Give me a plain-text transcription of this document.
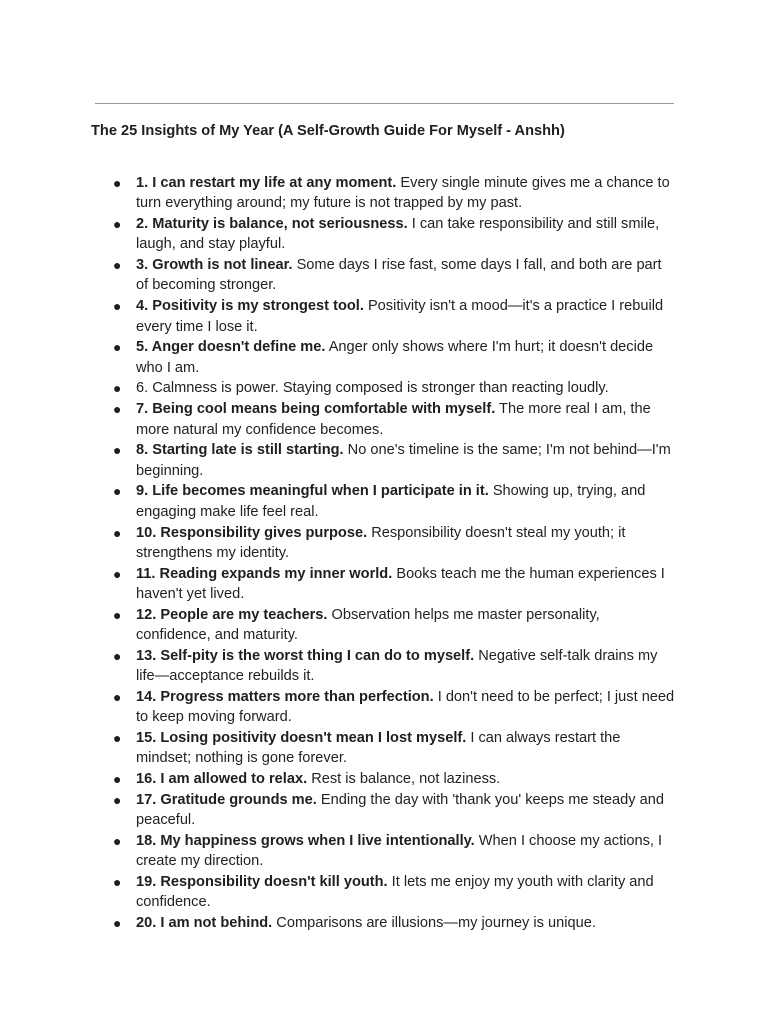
The 25 Insights of My Year (A Self-Growth Guide For Myself - Anshh)
● 1. I can restart my life at any moment. Every single minute gives me a chance to turn everything around; my future is not trapped by my past.
● 2. Maturity is balance, not seriousness. I can take responsibility and still smile, laugh, and stay playful.
● 3. Growth is not linear. Some days I rise fast, some days I fall, and both are part of becoming stronger.
● 4. Positivity is my strongest tool. Positivity isn't a mood—it's a practice I rebuild every time I lose it.
● 5. Anger doesn't define me. Anger only shows where I'm hurt; it doesn't decide who I am.
● 6. Calmness is power. Staying composed is stronger than reacting loudly.
● 7. Being cool means being comfortable with myself. The more real I am, the more natural my confidence becomes.
● 8. Starting late is still starting. No one's timeline is the same; I'm not behind—I'm beginning.
● 9. Life becomes meaningful when I participate in it. Showing up, trying, and engaging make life feel real.
● 10. Responsibility gives purpose. Responsibility doesn't steal my youth; it strengthens my identity.
● 11. Reading expands my inner world. Books teach me the human experiences I haven't yet lived.
● 12. People are my teachers. Observation helps me master personality, confidence, and maturity.
● 13. Self-pity is the worst thing I can do to myself. Negative self-talk drains my life—acceptance rebuilds it.
● 14. Progress matters more than perfection. I don't need to be perfect; I just need to keep moving forward.
● 15. Losing positivity doesn't mean I lost myself. I can always restart the mindset; nothing is gone forever.
● 16. I am allowed to relax. Rest is balance, not laziness.
● 17. Gratitude grounds me. Ending the day with 'thank you' keeps me steady and peaceful.
● 18. My happiness grows when I live intentionally. When I choose my actions, I create my direction.
● 19. Responsibility doesn't kill youth. It lets me enjoy my youth with clarity and confidence.
● 20. I am not behind. Comparisons are illusions—my journey is unique.
